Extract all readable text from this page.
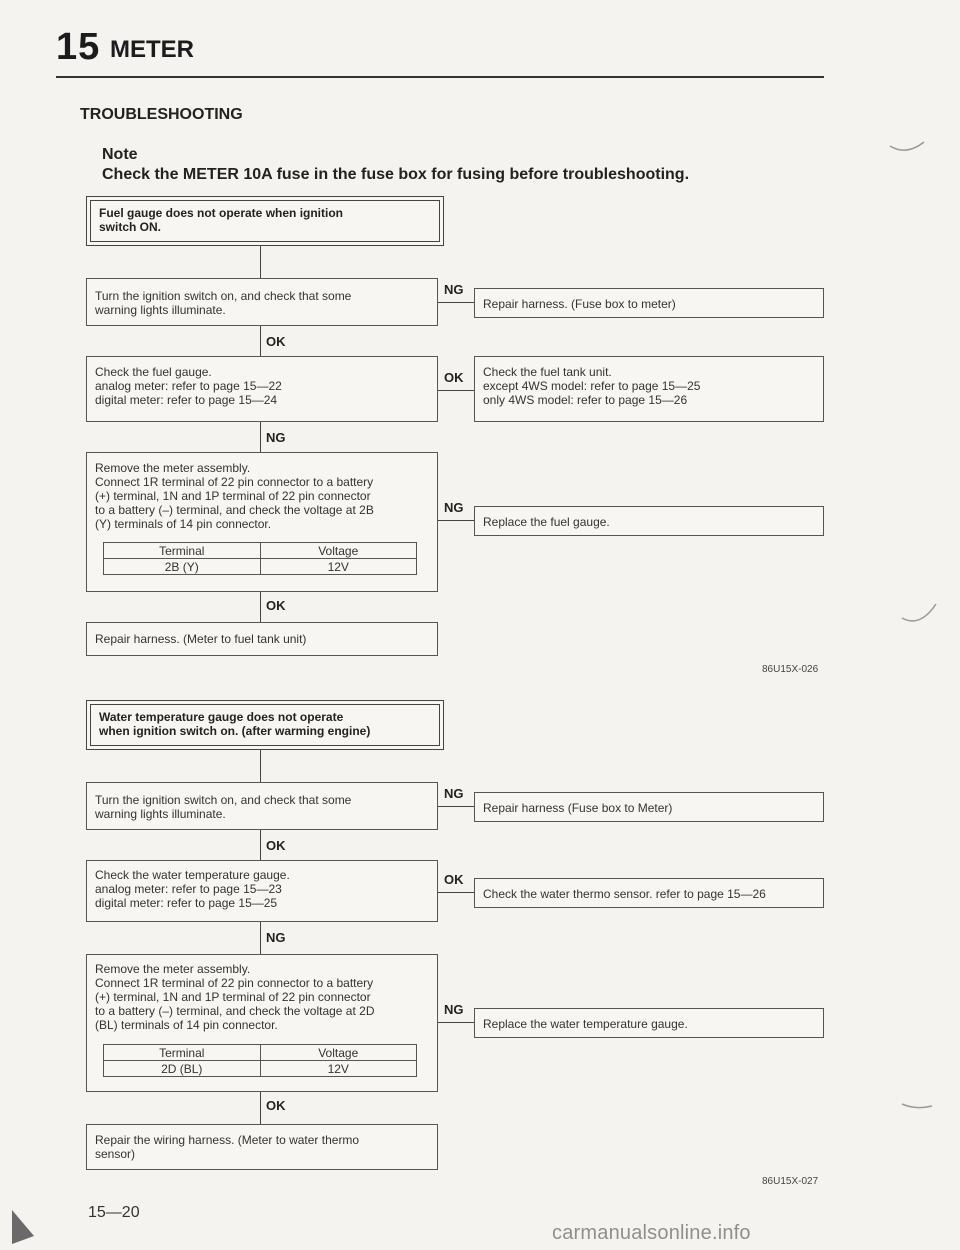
15 METER
TROUBLESHOOTING
Note
Check the METER 10A fuse in the fuse box for fusing before troubleshooting.
Fuel gauge does not operate when ignition
switch ON.
Turn the ignition switch on, and check that some
warning lights illuminate.
NG
Repair harness. (Fuse box to meter)
OK
Check the fuel gauge.
analog meter: refer to page 15—22
digital meter: refer to page 15—24
OK Check the fuel tank unit.
except 4WS model: refer to page 15—25
only 4WS model: refer to page 15—26
NG
Remove the meter assembly.
Connect 1R terminal of 22 pin connector to a battery
(+) terminal, 1N and 1P terminal of 22 pin connector
to a battery (–) terminal, and check the voltage at 2B
(Y) terminals of 14 pin connector.
Terminal	Voltage
2B (Y)	12V
NG
Replace the fuel gauge.
OK
Repair harness. (Meter to fuel tank unit)
86U15X-026
Water temperature gauge does not operate
when ignition switch on. (after warming engine)
Turn the ignition switch on, and check that some
warning lights illuminate.
NG
Repair harness (Fuse box to Meter)
OK
Check the water temperature gauge.
analog meter: refer to page 15—23
digital meter: refer to page 15—25
OK
Check the water thermo sensor. refer to page 15—26
NG
Remove the meter assembly.
Connect 1R terminal of 22 pin connector to a battery
(+) terminal, 1N and 1P terminal of 22 pin connector
to a battery (–) terminal, and check the voltage at 2D
(BL) terminals of 14 pin connector.
Terminal	Voltage
2D (BL)	12V
NG
Replace the water temperature gauge.
OK
Repair the wiring harness. (Meter to water thermo
sensor)
86U15X-027
15—20
carmanualsonline.info
